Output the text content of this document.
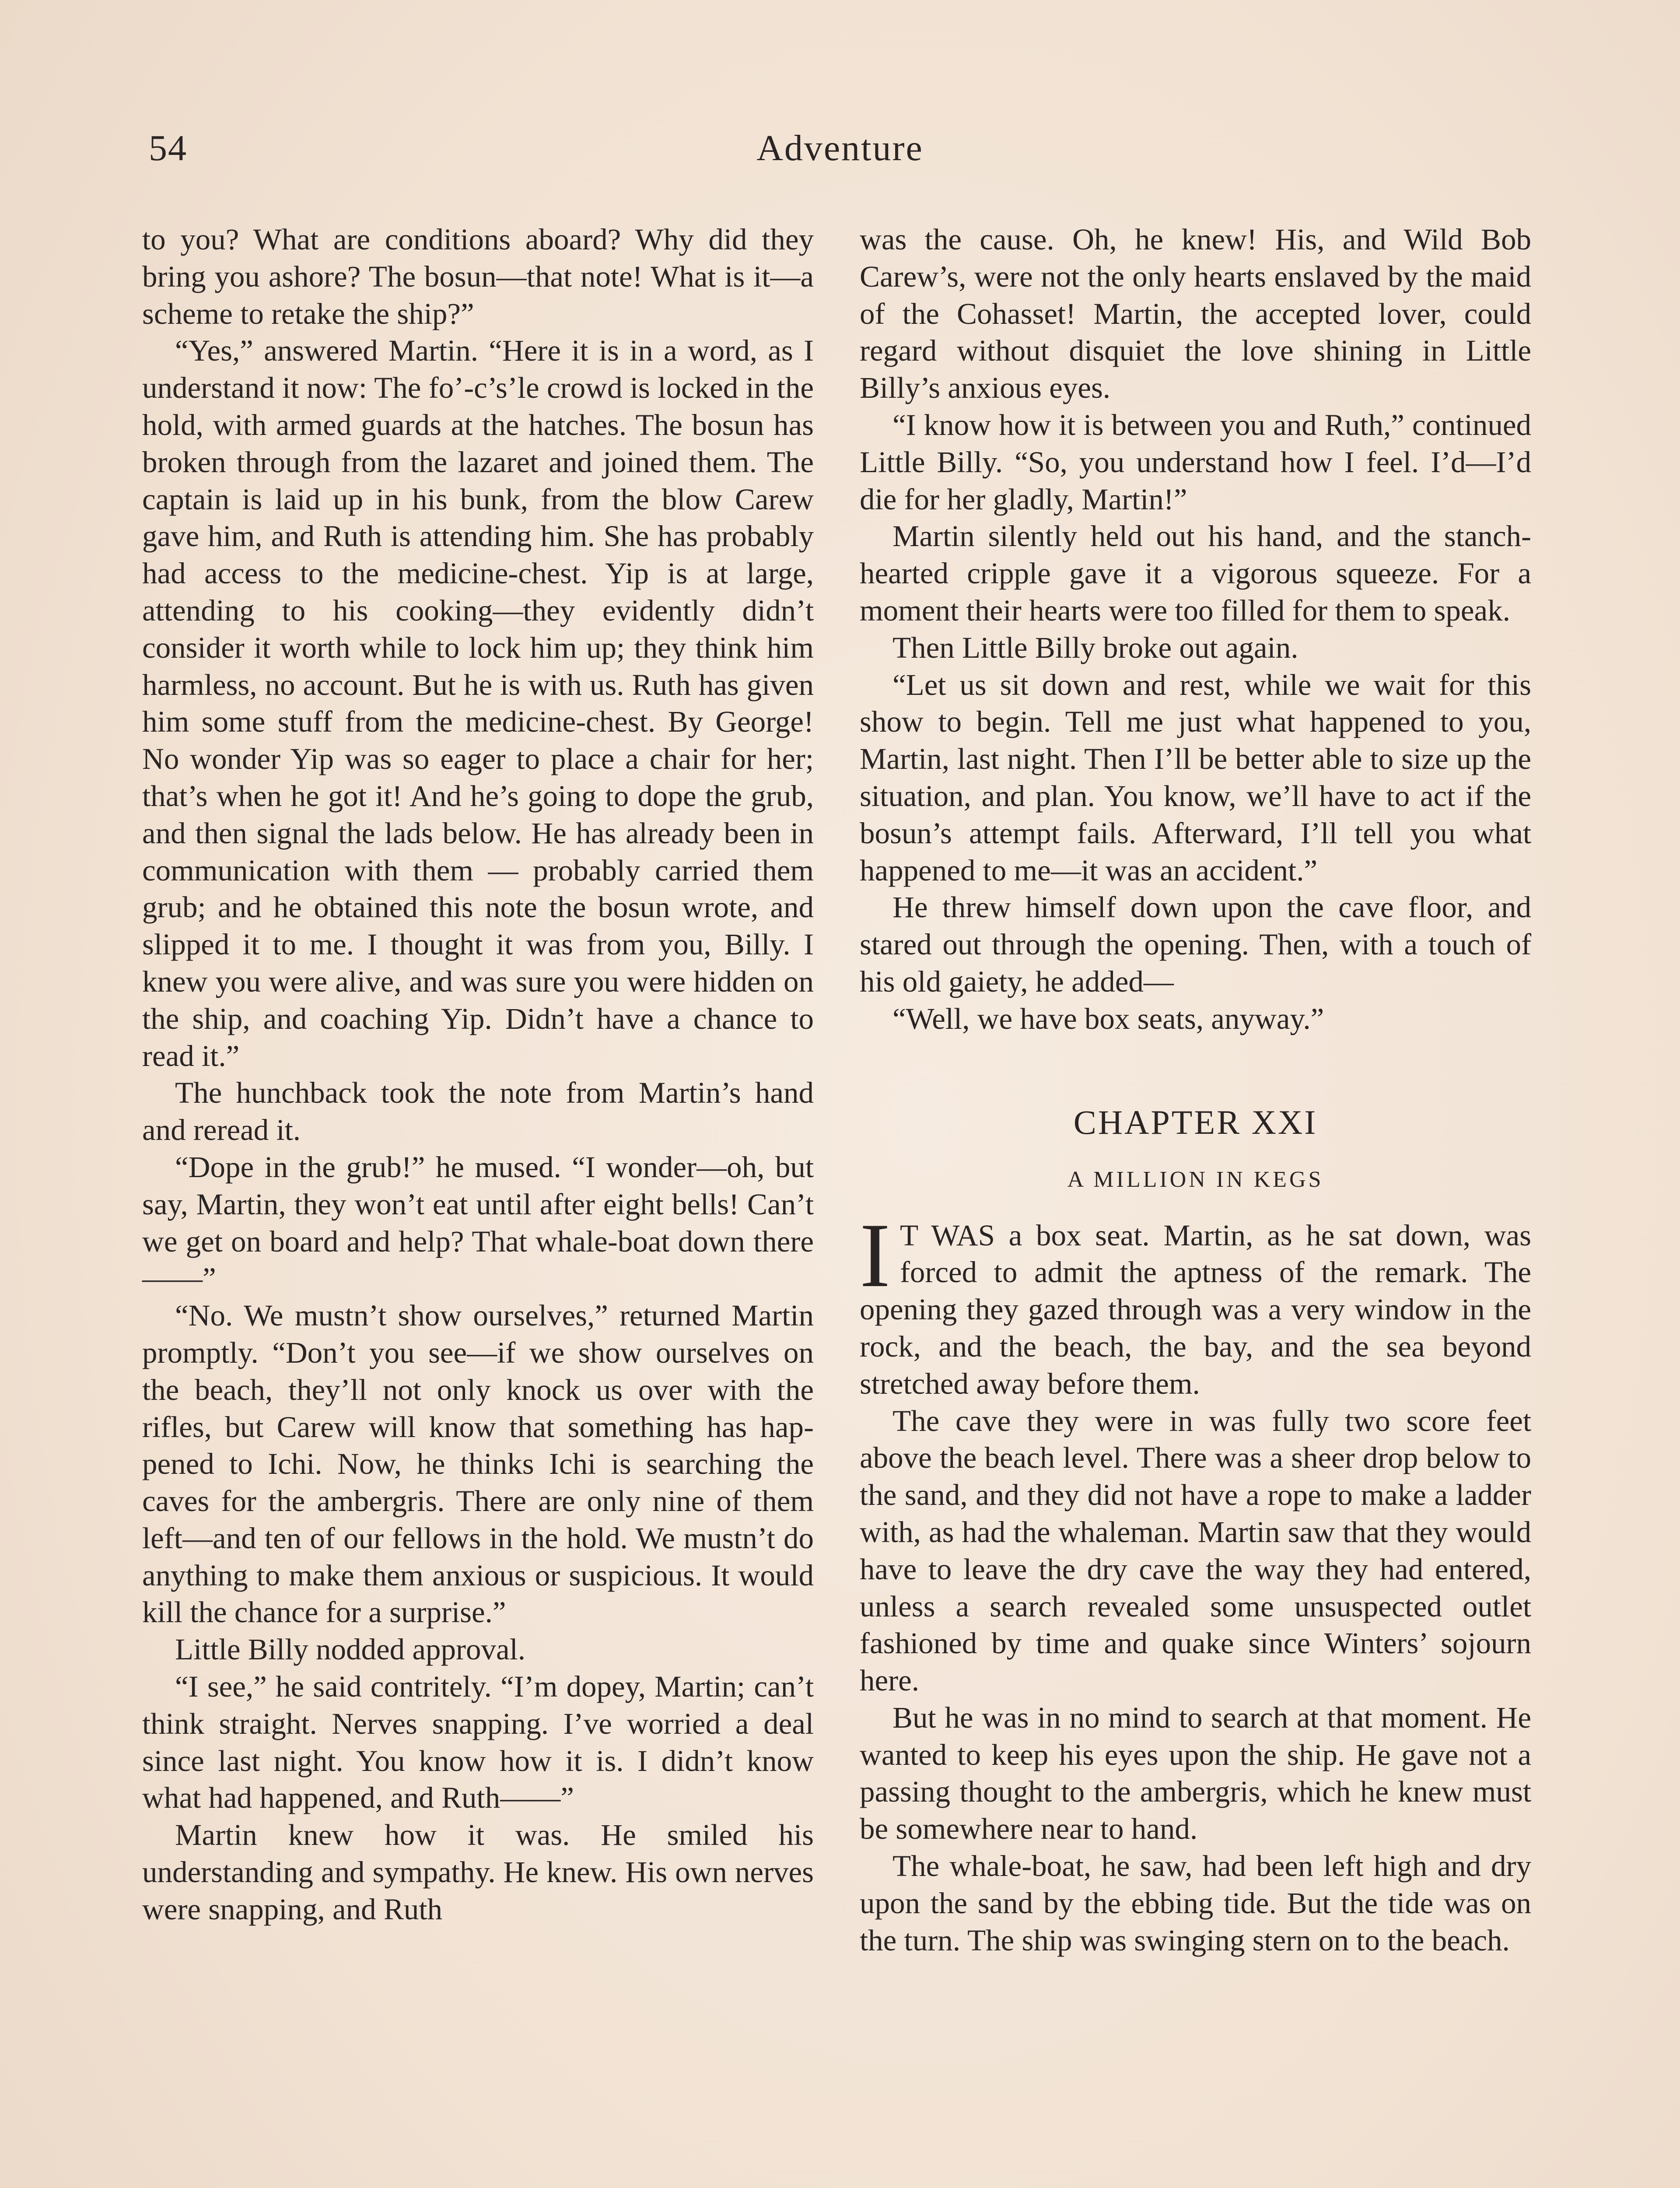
54	Adventure

to you? What are conditions aboard? Why did they bring you ashore? The bosun—that note! What is it—a scheme to retake the ship?”

“Yes,” answered Martin. “Here it is in a word, as I understand it now: The fo’-c’s’le crowd is locked in the hold, with armed guards at the hatches. The bosun has broken through from the lazaret and joined them. The captain is laid up in his bunk, from the blow Carew gave him, and Ruth is attending him. She has probably had access to the medicine-chest. Yip is at large, attending to his cooking—they evidently didn’t consider it worth while to lock him up; they think him harmless, no account. But he is with us. Ruth has given him some stuff from the medicine-chest. By George! No wonder Yip was so eager to place a chair for her; that’s when he got it! And he’s going to dope the grub, and then signal the lads below. He has already been in communication with them — probably carried them grub; and he obtained this note the bosun wrote, and slipped it to me. I thought it was from you, Billy. I knew you were alive, and was sure you were hidden on the ship, and coaching Yip. Didn’t have a chance to read it.”

The hunchback took the note from Martin’s hand and reread it.

“Dope in the grub!” he mused. “I wonder—oh, but say, Martin, they won’t eat until after eight bells! Can’t we get on board and help? That whale-boat down there——”

“No. We mustn’t show ourselves,” returned Martin promptly. “Don’t you see—if we show ourselves on the beach, they’ll not only knock us over with the rifles, but Carew will know that something has happened to Ichi. Now, he thinks Ichi is searching the caves for the ambergris. There are only nine of them left—and ten of our fellows in the hold. We mustn’t do anything to make them anxious or suspicious. It would kill the chance for a surprise.”

Little Billy nodded approval.

“I see,” he said contritely. “I’m dopey, Martin; can’t think straight. Nerves snapping. I’ve worried a deal since last night. You know how it is. I didn’t know what had happened, and Ruth——”

Martin knew how it was. He smiled his understanding and sympathy. He knew. His own nerves were snapping, and Ruth

was the cause. Oh, he knew! His, and Wild Bob Carew’s, were not the only hearts enslaved by the maid of the Cohasset! Martin, the accepted lover, could regard without disquiet the love shining in Little Billy’s anxious eyes.

“I know how it is between you and Ruth,” continued Little Billy. “So, you understand how I feel. I’d—I’d die for her gladly, Martin!”

Martin silently held out his hand, and the stanch-hearted cripple gave it a vigorous squeeze. For a moment their hearts were too filled for them to speak.

Then Little Billy broke out again.

“Let us sit down and rest, while we wait for this show to begin. Tell me just what happened to you, Martin, last night. Then I’ll be better able to size up the situation, and plan. You know, we’ll have to act if the bosun’s attempt fails. Afterward, I’ll tell you what happened to me—it was an accident.”

He threw himself down upon the cave floor, and stared out through the opening. Then, with a touch of his old gaiety, he added—

“Well, we have box seats, anyway.”

CHAPTER XXI
A MILLION IN KEGS

I T WAS a box seat. Martin, as he sat down, was forced to admit the aptness of the remark. The opening they gazed through was a very window in the rock, and the beach, the bay, and the sea beyond stretched away before them.

The cave they were in was fully two score feet above the beach level. There was a sheer drop below to the sand, and they did not have a rope to make a ladder with, as had the whaleman. Martin saw that they would have to leave the dry cave the way they had entered, unless a search revealed some unsuspected outlet fashioned by time and quake since Winters’ sojourn here.

But he was in no mind to search at that moment. He wanted to keep his eyes upon the ship. He gave not a passing thought to the ambergris, which he knew must be somewhere near to hand.

The whale-boat, he saw, had been left high and dry upon the sand by the ebbing tide. But the tide was on the turn. The ship was swinging stern on to the beach.
